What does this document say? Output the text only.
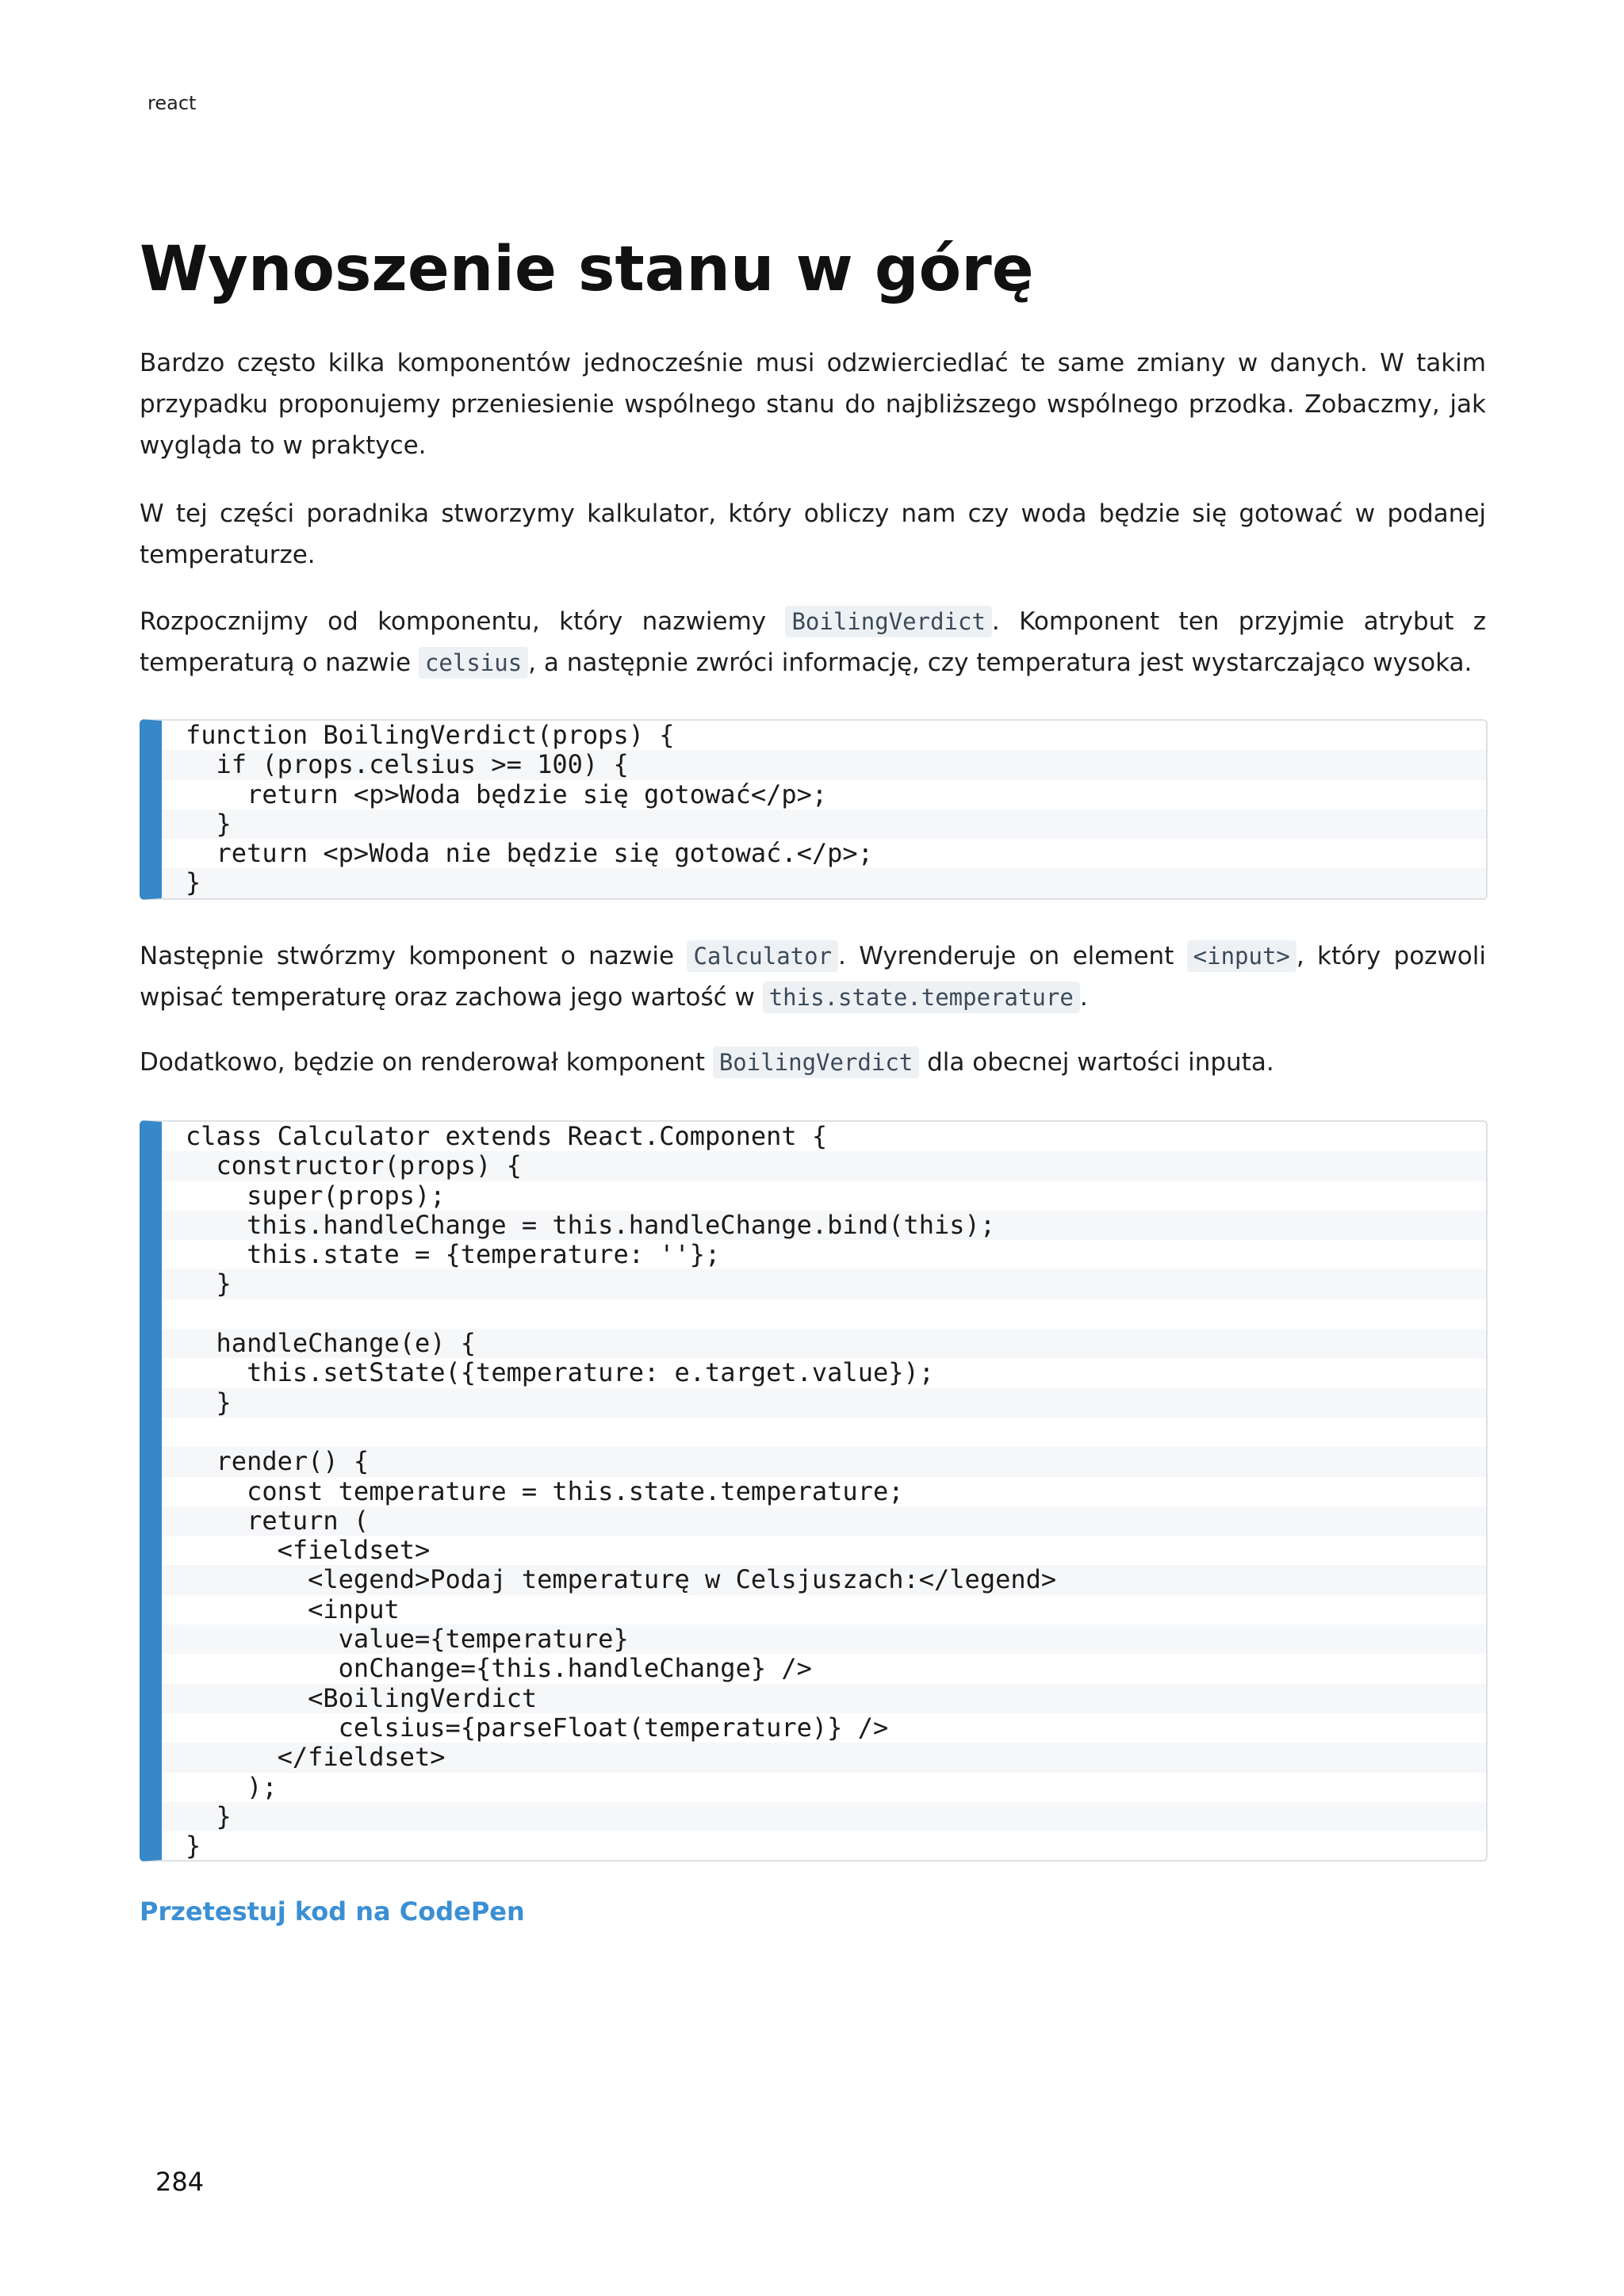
react
Wynoszenie stanu w górę

Bardzo często kilka komponentów jednocześnie musi odzwierciedlać te same zmiany w danych. W takim przypadku proponujemy przeniesienie wspólnego stanu do najbliższego wspólnego przodka. Zobaczmy, jak wygląda to w praktyce.

W tej części poradnika stworzymy kalkulator, który obliczy nam czy woda będzie się gotować w podanej temperaturze.

Rozpocznijmy od komponentu, który nazwiemy BoilingVerdict . Komponent ten przyjmie atrybut z temperaturą o nazwie celsius , a następnie zwróci informację, czy temperatura jest wystarczająco wysoka.

function BoilingVerdict(props) {
if (props.celsius >= 100) {
return <p>Woda będzie się gotować</p>;
}
return <p>Woda nie będzie się gotować.</p>;
}

Następnie stwórzmy komponent o nazwie Calculator . Wyrenderuje on element <input> , który pozwoli wpisać temperaturę oraz zachowa jego wartość w this.state.temperature .

Dodatkowo, będzie on renderował komponent BoilingVerdict dla obecnej wartości inputa.

class Calculator extends React.Component {
constructor(props) {
super(props);
this.handleChange = this.handleChange.bind(this);
this.state = {temperature: ''};
}
handleChange(e) {
this.setState({temperature: e.target.value});
}
render() {
const temperature = this.state.temperature;
return (
<fieldset>
<legend>Podaj temperaturę w Celsjuszach:</legend>
<input
value={temperature}
onChange={this.handleChange} />
<BoilingVerdict
celsius={parseFloat(temperature)} />
</fieldset>
);
}
}
Przetestuj kod na CodePen
284
